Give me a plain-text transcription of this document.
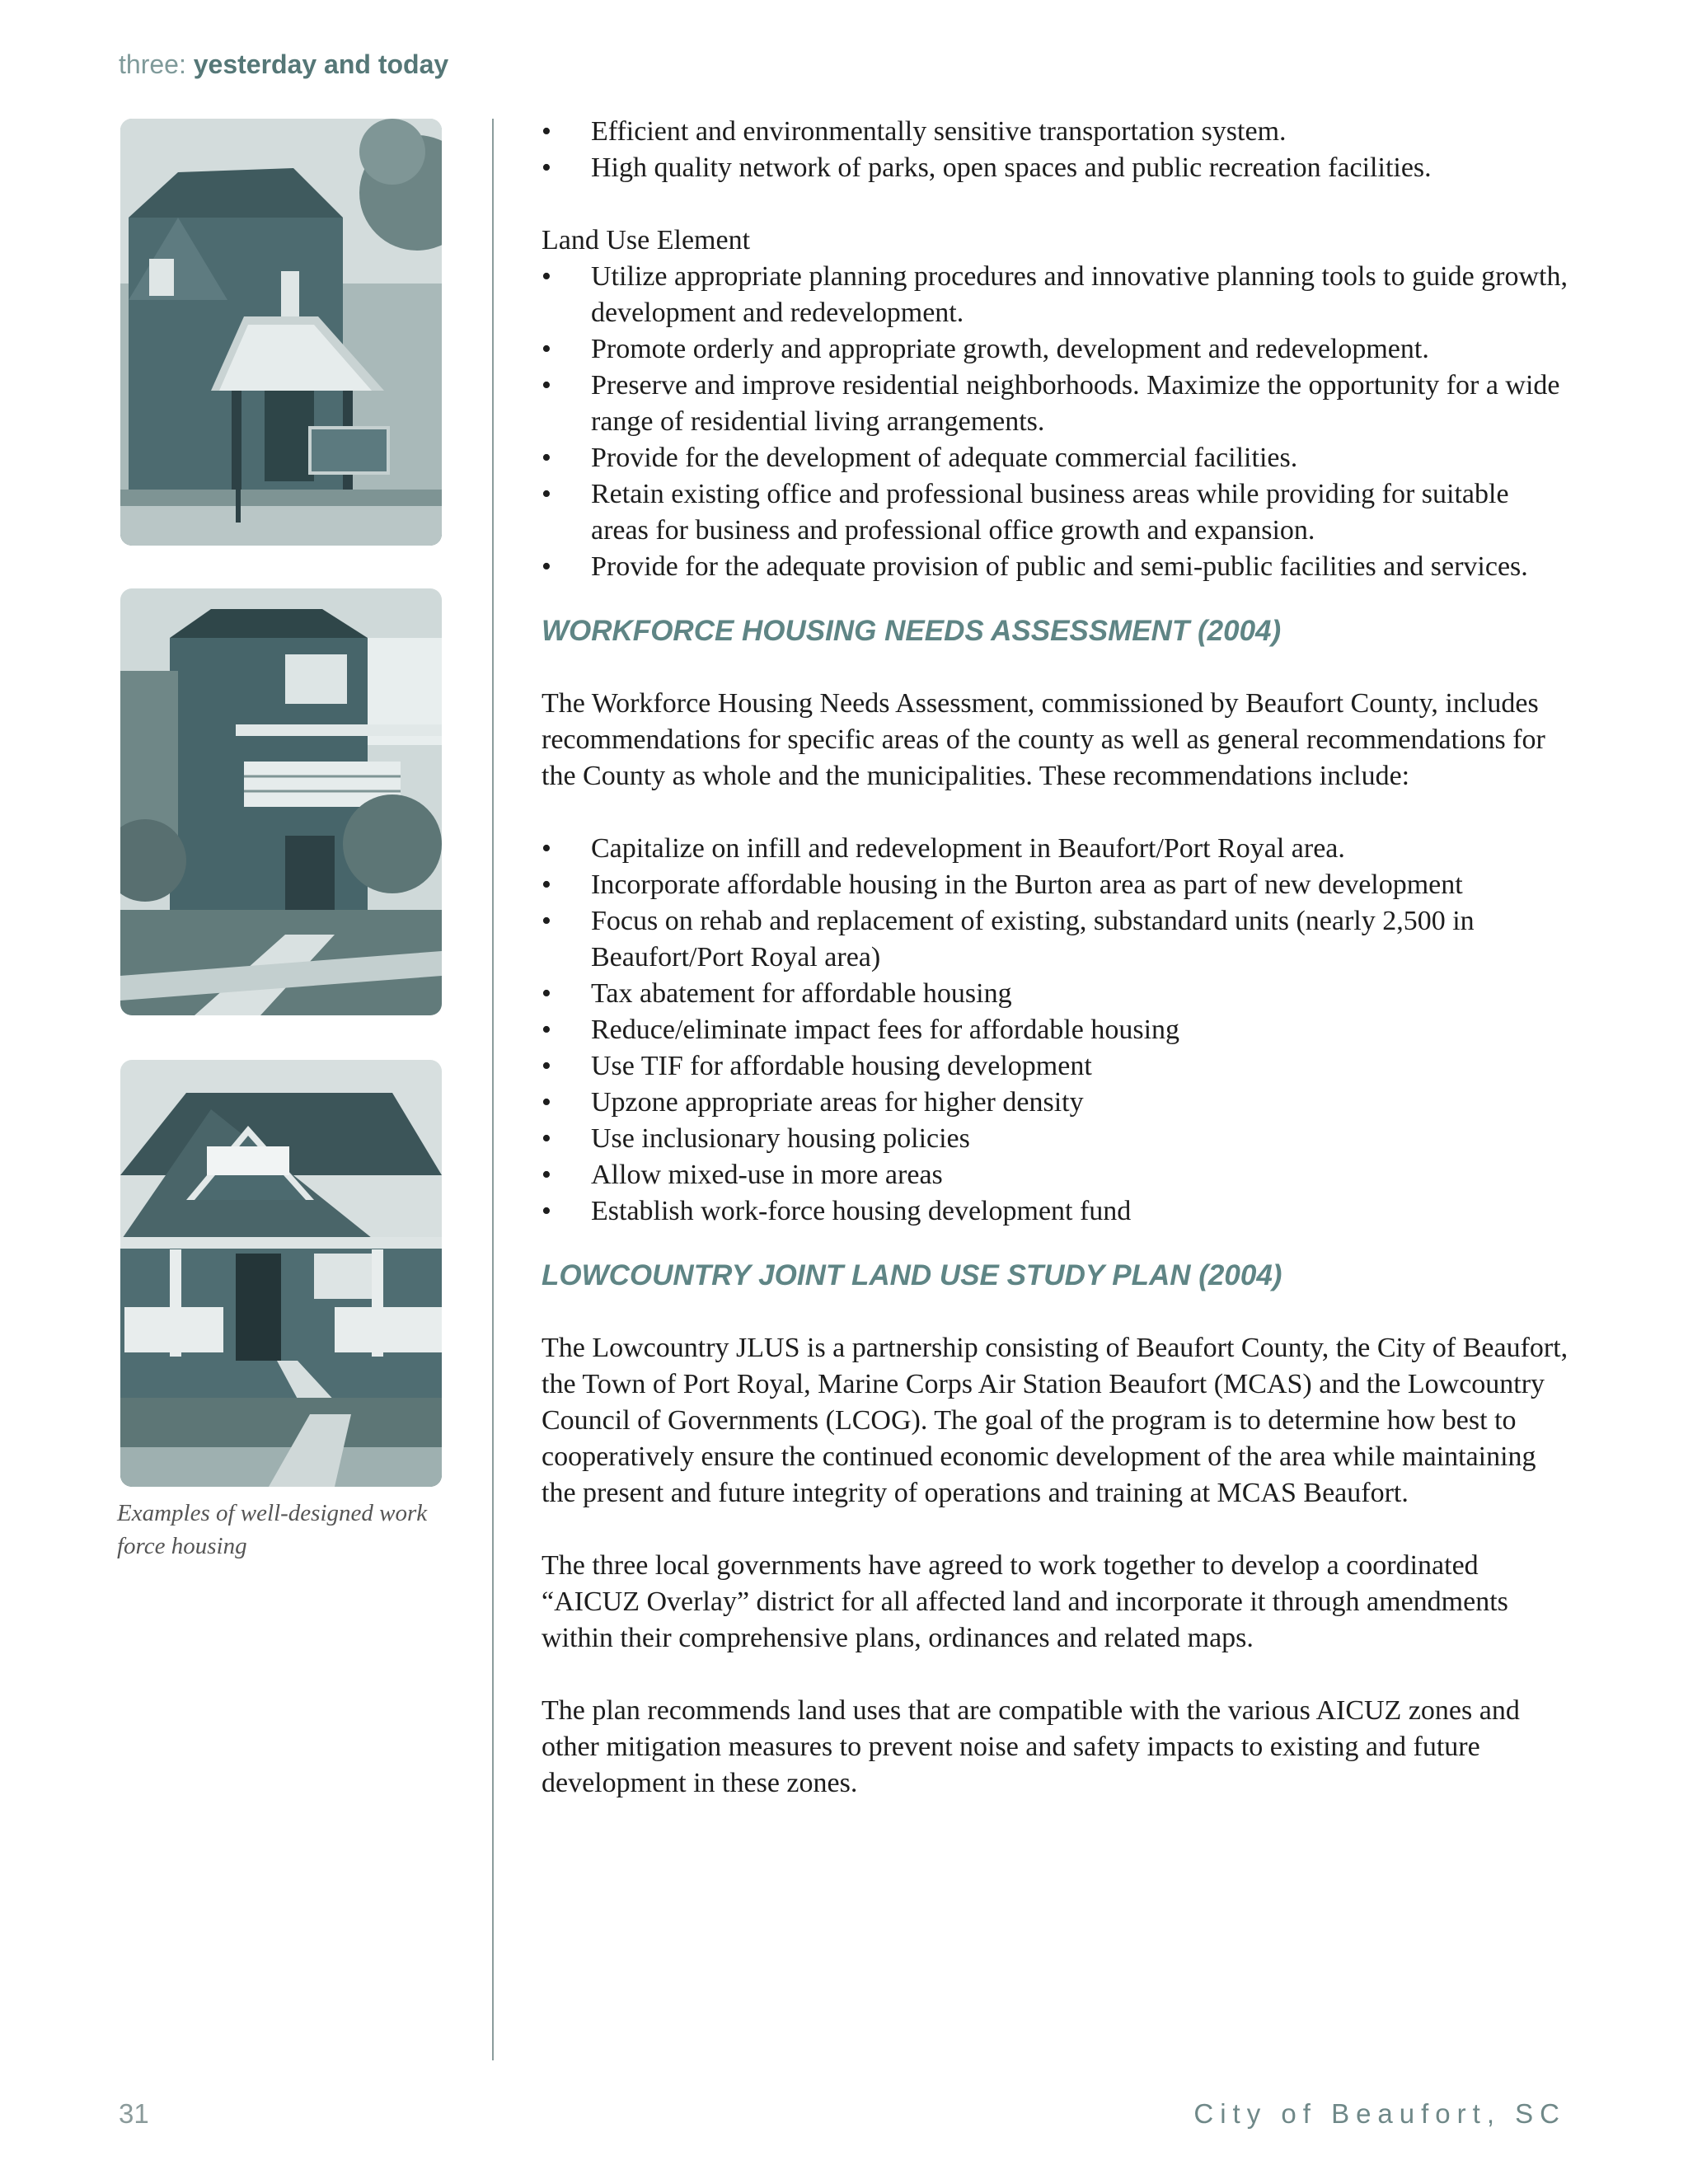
three: yesterday and today
Examples of well-designed work force housing
• Efficient and environmentally sensitive transportation system.
• High quality network of parks, open spaces and public recreation facilities.

Land Use Element

• Utilize appropriate planning procedures and innovative planning tools to guide growth, development and redevelopment.
• Promote orderly and appropriate growth, development and redevelopment.
• Preserve and improve residential neighborhoods. Maximize the opportunity for a wide range of residential living arrangements.
• Provide for the development of adequate commercial facilities.
• Retain existing office and professional business areas while providing for suitable areas for business and professional office growth and expansion.
• Provide for the adequate provision of public and semi-public facilities and services.
WORKFORCE HOUSING NEEDS ASSESSMENT (2004)

The Workforce Housing Needs Assessment, commissioned by Beaufort County, includes recommendations for specific areas of the county as well as general recommendations for the County as whole and the municipalities. These recommendations include:

• Capitalize on infill and redevelopment in Beaufort/Port Royal area.
• Incorporate affordable housing in the Burton area as part of new development
• Focus on rehab and replacement of existing, substandard units (nearly 2,500 in Beaufort/Port Royal area)
• Tax abatement for affordable housing
• Reduce/eliminate impact fees for affordable housing
• Use TIF for affordable housing development
• Upzone appropriate areas for higher density
• Use inclusionary housing policies
• Allow mixed-use in more areas
• Establish work-force housing development fund
LOWCOUNTRY JOINT LAND USE STUDY PLAN (2004)

The Lowcountry JLUS is a partnership consisting of Beaufort County, the City of Beaufort, the Town of Port Royal, Marine Corps Air Station Beaufort (MCAS) and the Lowcountry Council of Governments (LCOG). The goal of the program is to determine how best to cooperatively ensure the continued economic development of the area while maintaining the present and future integrity of operations and training at MCAS Beaufort.

The three local governments have agreed to work together to develop a coordinated “AICUZ Overlay” district for all affected land and incorporate it through amendments within their comprehensive plans, ordinances and related maps.

The plan recommends land uses that are compatible with the various AICUZ zones and other mitigation measures to prevent noise and safety impacts to existing and future development in these zones.

31	City of Beaufort, SC
